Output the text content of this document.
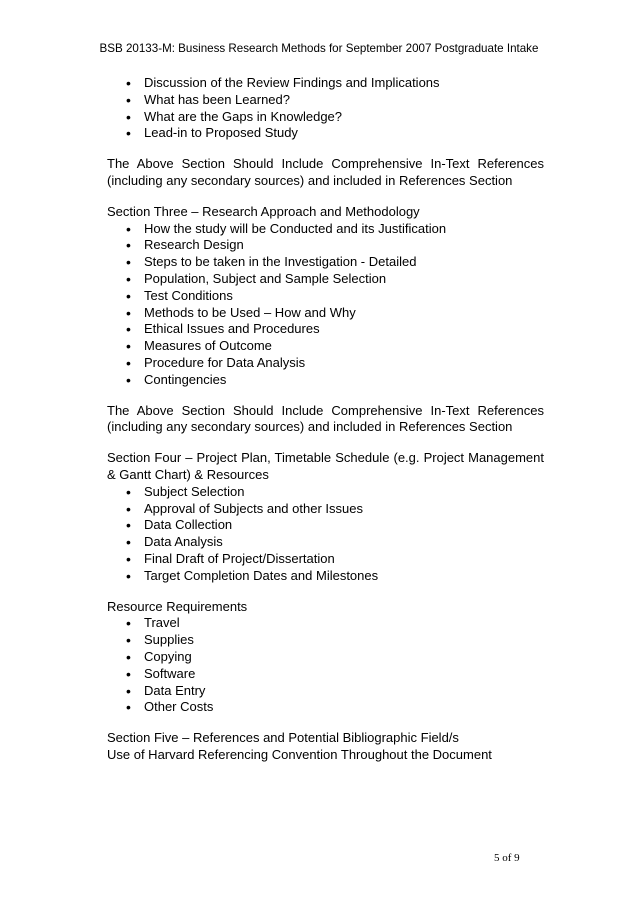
BSB 20133-M: Business Research Methods for September 2007 Postgraduate Intake
• Discussion of the Review Findings and Implications
• What has been Learned?
• What are the Gaps in Knowledge?
• Lead-in to Proposed Study
The Above Section Should Include Comprehensive In-Text References (including any secondary sources) and included in References Section
Section Three – Research Approach and Methodology
• How the study will be Conducted and its Justification
• Research Design
• Steps to be taken in the Investigation - Detailed
• Population, Subject and Sample Selection
• Test Conditions
• Methods to be Used – How and Why
• Ethical Issues and Procedures
• Measures of Outcome
• Procedure for Data Analysis
• Contingencies
The Above Section Should Include Comprehensive In-Text References (including any secondary sources) and included in References Section
Section Four – Project Plan, Timetable Schedule (e.g. Project Management & Gantt Chart) & Resources
• Subject Selection
• Approval of Subjects and other Issues
• Data Collection
• Data Analysis
• Final Draft of Project/Dissertation
• Target Completion Dates and Milestones
Resource Requirements
• Travel
• Supplies
• Copying
• Software
• Data Entry
• Other Costs
Section Five – References and Potential Bibliographic Field/s
Use of Harvard Referencing Convention Throughout the Document
5 of 9
